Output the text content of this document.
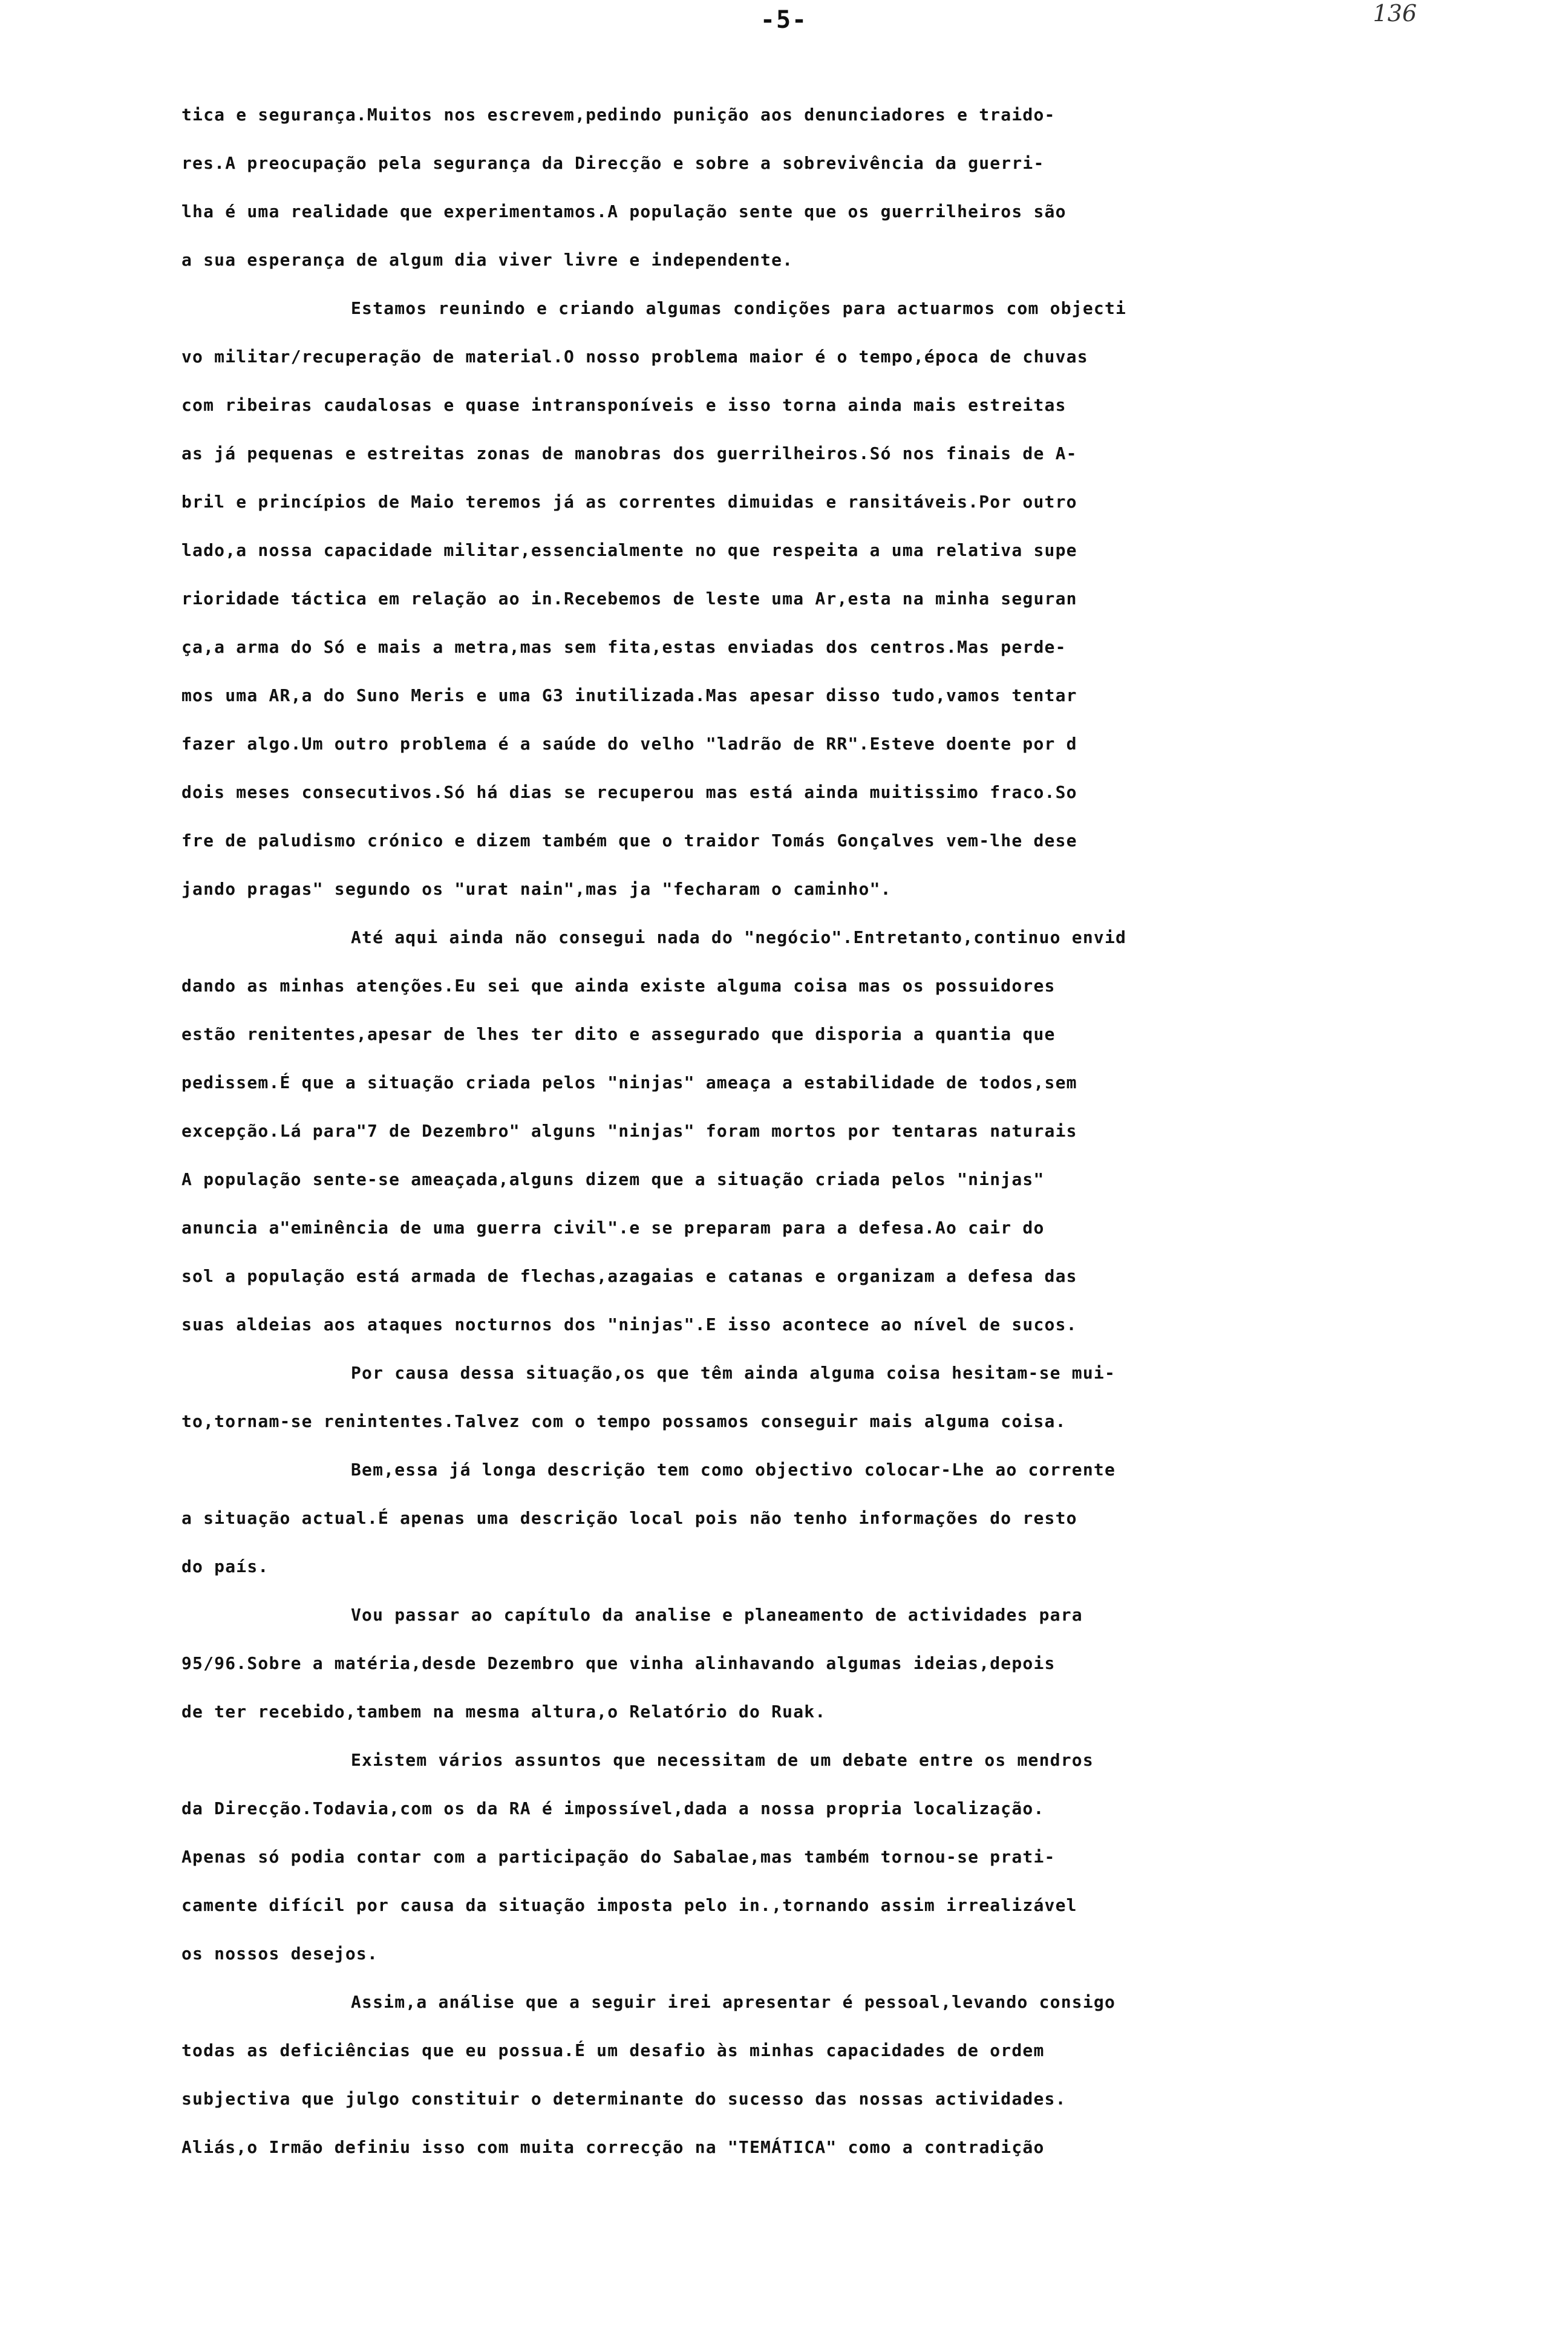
-5-	136
tica e segurança.Muitos nos escrevem,pedindo punição aos denunciadores e traido-
res.A preocupação pela segurança da Direcção e sobre a sobrevivência da guerri-
lha é uma realidade que experimentamos.A população sente que os guerrilheiros são
a sua esperança de algum dia viver livre e independente.
Estamos reunindo e criando algumas condições para actuarmos com objecti
vo militar/recuperação de material.O nosso problema maior é o tempo,época de chuvas
com ribeiras caudalosas e quase intransponíveis e isso torna ainda mais estreitas
as já pequenas e estreitas zonas de manobras dos guerrilheiros.Só nos finais de A-
bril e princípios de Maio teremos já as correntes dimuidas e ransitáveis.Por outro
lado,a nossa capacidade militar,essencialmente no que respeita a uma relativa supe
rioridade táctica em relação ao in.Recebemos de leste uma Ar,esta na minha seguran
ça,a arma do Só e mais a metra,mas sem fita,estas enviadas dos centros.Mas perde-
mos uma AR,a do Suno Meris e uma G3 inutilizada.Mas apesar disso tudo,vamos tentar
fazer algo.Um outro problema é a saúde do velho "ladrão de RR".Esteve doente por d
dois meses consecutivos.Só há dias se recuperou mas está ainda muitissimo fraco.So
fre de paludismo crónico e dizem também que o traidor Tomás Gonçalves vem-lhe dese
jando pragas" segundo os "urat nain",mas ja "fecharam o caminho".
Até aqui ainda não consegui nada do "negócio".Entretanto,continuo envid
dando as minhas atenções.Eu sei que ainda existe alguma coisa mas os possuidores
estão renitentes,apesar de lhes ter dito e assegurado que disporia a quantia que
pedissem.É que a situação criada pelos "ninjas" ameaça a estabilidade de todos,sem
excepção.Lá para"7 de Dezembro" alguns "ninjas" foram mortos por tentaras naturais
A população sente-se ameaçada,alguns dizem que a situação criada pelos "ninjas"
anuncia a"eminência de uma guerra civil".e se preparam para a defesa.Ao cair do
sol a população está armada de flechas,azagaias e catanas e organizam a defesa das
suas aldeias aos ataques nocturnos dos "ninjas".E isso acontece ao nível de sucos.
Por causa dessa situação,os que têm ainda alguma coisa hesitam-se mui-
to,tornam-se renintentes.Talvez com o tempo possamos conseguir mais alguma coisa.
Bem,essa já longa descrição tem como objectivo colocar-Lhe ao corrente
a situação actual.É apenas uma descrição local pois não tenho informações do resto
do país.
Vou passar ao capítulo da analise e planeamento de actividades para
95/96.Sobre a matéria,desde Dezembro que vinha alinhavando algumas ideias,depois
de ter recebido,tambem na mesma altura,o Relatório do Ruak.
Existem vários assuntos que necessitam de um debate entre os mendros
da Direcção.Todavia,com os da RA é impossível,dada a nossa propria localização.
Apenas só podia contar com a participação do Sabalae,mas também tornou-se prati-
camente difícil por causa da situação imposta pelo in.,tornando assim irrealizável
os nossos desejos.
Assim,a análise que a seguir irei apresentar é pessoal,levando consigo
todas as deficiências que eu possua.É um desafio às minhas capacidades de ordem
subjectiva que julgo constituir o determinante do sucesso das nossas actividades.
Aliás,o Irmão definiu isso com muita correcção na "TEMÁTICA" como a contradição
